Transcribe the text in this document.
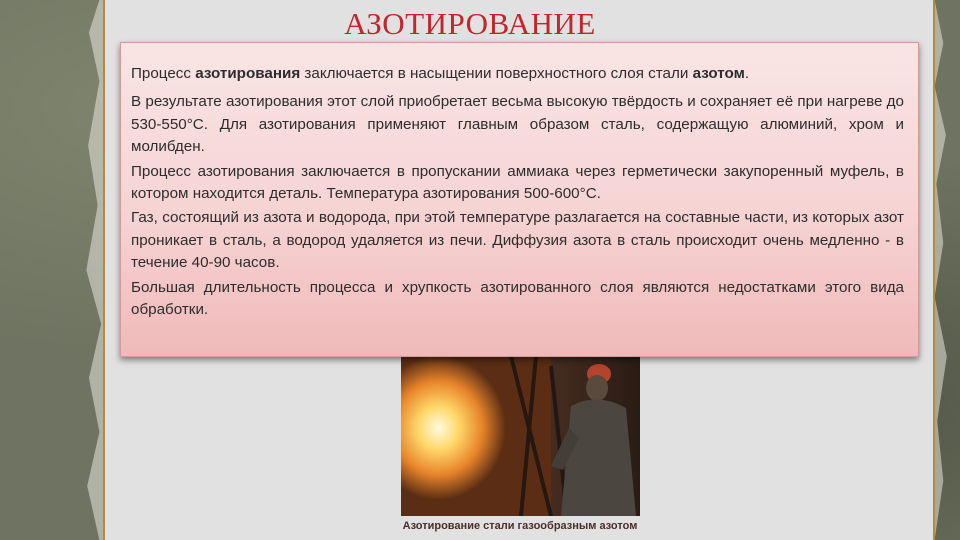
АЗОТИРОВАНИЕ
Азотирование стали газообразным азотом

Процесс азотирования заключается в насыщении поверхностного слоя стали азотом.

В результате азотирования этот слой приобретает весьма высокую твёрдость и сохраняет её при нагреве до 530-550°С. Для азотирования применяют главным образом сталь, содержащую алюминий, хром и молибден.

Процесс азотирования заключается в пропускании аммиака через герметически закупоренный муфель, в котором находится деталь. Температура азотирования 500-600°С.

Газ, состоящий из азота и водорода, при этой температуре разлагается на составные части, из которых азот проникает в сталь, а водород удаляется из печи. Диффузия азота в сталь происходит очень медленно - в течение 40-90 часов.

Большая длительность процесса и хрупкость азотированного слоя являются недостатками этого вида обработки.
